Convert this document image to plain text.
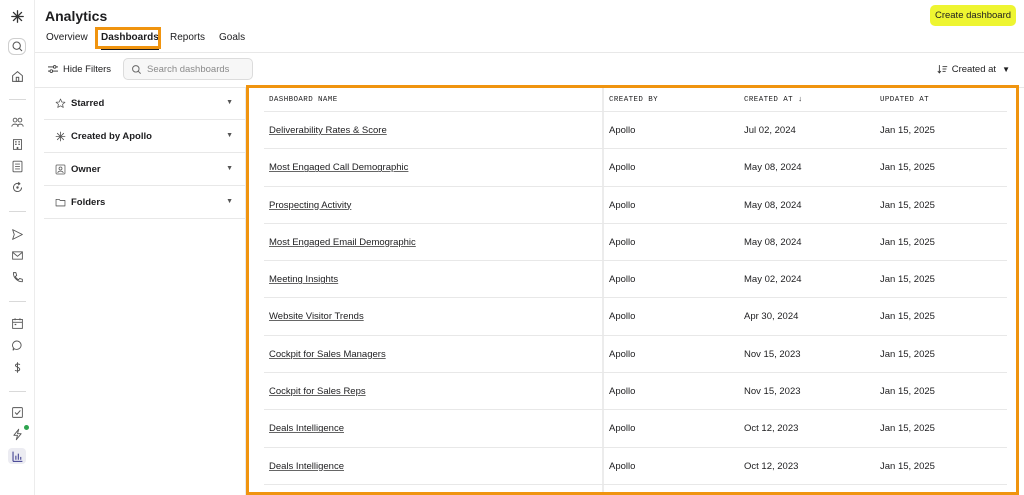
Analytics	Create dashboard
Overview Dashboards Reports Goals
Hide Filters
Search dashboards	Created at ▼
Starred	▼
Created by Apollo	▼
Owner	▼
Folders	▼
DASHBOARD NAME	CREATED BY	CREATED AT ↓	UPDATED AT
Deliverability Rates & Score	Apollo	Jul 02, 2024	Jan 15, 2025
Most Engaged Call Demographic	Apollo	May 08, 2024	Jan 15, 2025
Prospecting Activity	Apollo	May 08, 2024	Jan 15, 2025
Most Engaged Email Demographic	Apollo	May 08, 2024	Jan 15, 2025
Meeting Insights	Apollo	May 02, 2024	Jan 15, 2025
Website Visitor Trends	Apollo	Apr 30, 2024	Jan 15, 2025
Cockpit for Sales Managers	Apollo	Nov 15, 2023	Jan 15, 2025
Cockpit for Sales Reps	Apollo	Nov 15, 2023	Jan 15, 2025
Deals Intelligence	Apollo	Oct 12, 2023	Jan 15, 2025
Deals Intelligence	Apollo	Oct 12, 2023	Jan 15, 2025
